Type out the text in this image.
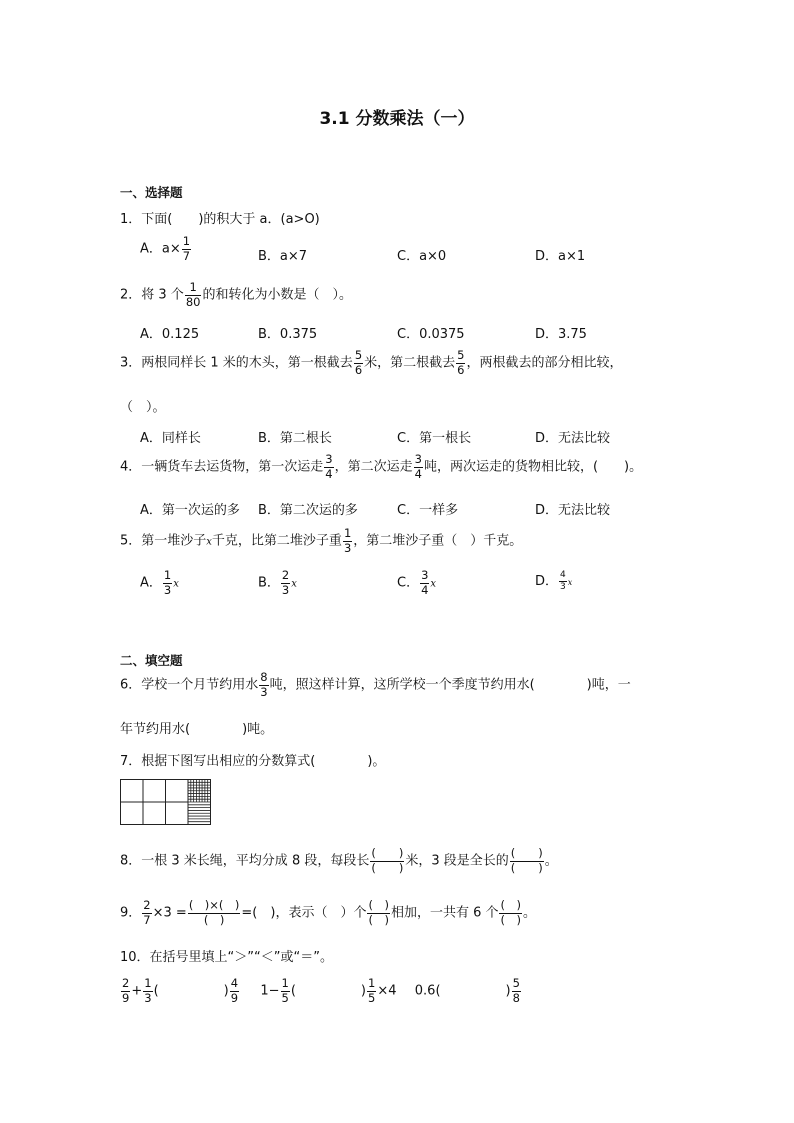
3.1 分数乘法（一）
一、选择题
1．下面(　　)的积大于 a．(a>O)
A．$a\times \frac{1}{7}$	B．a×7	C．a×0	D．a×1
2．将 3 个 $\frac{1}{80}$ 的和转化为小数是（　）。
A．0.125	B．0.375	C．0.0375	D．3.75
3．两根同样长 1 米的木头，第一根截去 $\frac{5}{6}$ 米，第二根截去 $\frac{5}{6}$ ，两根截去的部分相比较，
（　）。
A．同样长	B．第二根长	C．第一根长	D．无法比较
4．一辆货车去运货物，第一次运走 $\frac{3}{4}$ ，第二次运走 $\frac{3}{4}$ 吨，两次运走的货物相比较，(　　)。
A．第一次运的多 B．第二次运的多	C．一样多	D．无法比较
5．第一堆沙子x千克，比第二堆沙子重 $\frac{1}{3}$ ，第二堆沙子重（　）千克。
A． $\frac{1}{3}$ x	B． $\frac{2}{3}$ x	C． $\frac{3}{4}$ x	D． $\frac{4}{3}$ x
二、填空题
6．学校一个月节约用水 $\frac{8}{3}$ 吨，照这样计算，这所学校一个季度节约用水(　　　　)吨，一
年节约用水(　　　　)吨。
7．根据下图写出相应的分数算式(　　　　)。
8．一根 3 米长绳，平均分成 8 段，每段长 $\frac{( )}{( )}$ 米，3 段是全长的 $\frac{( )}{( )}$ 。
9． $\frac{2}{7} \times 3 = \frac{( )\times( )}{( )}$ =(　)，表示（　）个 $\frac{( )}{( )}$ 相加，一共有 6 个 $\frac{( )}{( )}$ 。
10．在括号里填上“＞”“＜”或“＝”。
$\frac{2}{9} + \frac{1}{3}$ (　　　　　) $\frac{4}{9} 1- \frac{1}{5}$ (　　　　　) $\frac{1}{5} \times 4$ 0.6(　　　　　) $\frac{5}{8}$
